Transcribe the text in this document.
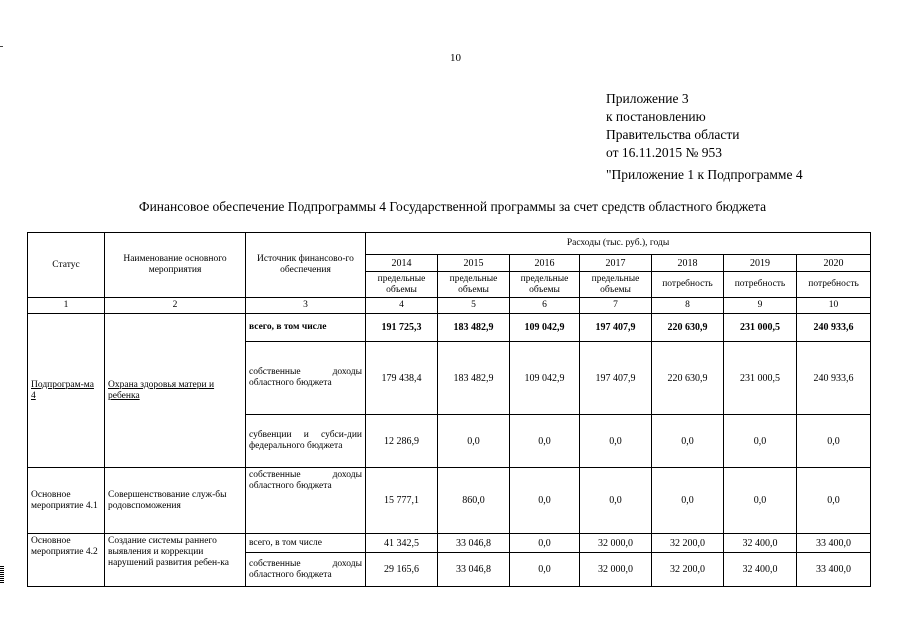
10
Приложение 3
к постановлению
Правительства области
от 16.11.2015 № 953
"Приложение 1 к Подпрограмме 4
Финансовое обеспечение Подпрограммы 4 Государственной программы за счет средств областного бюджета
Статус	Наименование основного мероприятия	Источник финансово-го обеспечения	Расходы (тыс. руб.), годы						
			2014	2015	2016	2017	2018	2019	2020
			предельные объемы	предельные объемы	предельные объемы	предельные объемы	потребность	потребность	потребность
1	2	3	4	5	6	7	8	9	10
Подпрограм-ма 4	Охрана здоровья матери и ребенка	всего, в том числе	191 725,3	183 482,9	109 042,9	197 407,9	220 630,9	231 000,5	240 933,6
		собственные доходы областного бюджета	179 438,4	183 482,9	109 042,9	197 407,9	220 630,9	231 000,5	240 933,6
		субвенции и субси-дии федерального бюджета	12 286,9	0,0	0,0	0,0	0,0	0,0	0,0
Основное мероприятие 4.1	Совершенствование служ-бы родовспоможения	собственные доходы областного бюджета	15 777,1	860,0	0,0	0,0	0,0	0,0	0,0
Основное мероприятие 4.2	Создание системы раннего выявления и коррекции нарушений развития ребен-ка	всего, в том числе	41 342,5	33 046,8	0,0	32 000,0	32 200,0	32 400,0	33 400,0
		собственные доходы областного бюджета	29 165,6	33 046,8	0,0	32 000,0	32 200,0	32 400,0	33 400,0
